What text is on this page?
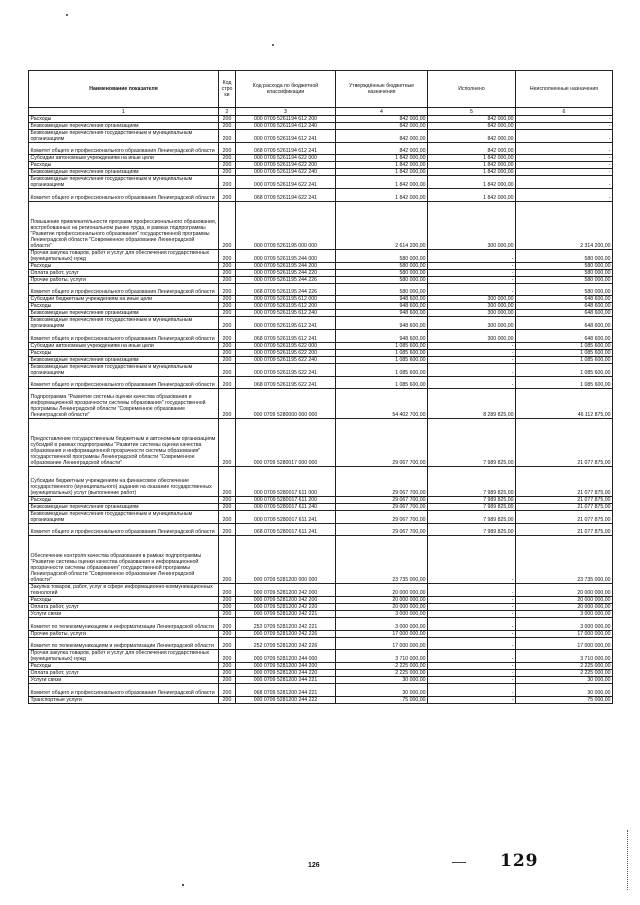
Наименование показателя	Код стро ки	Код расхода по бюджетной классификации	Утверждённые бюджетные назначения	Исполнено	Неисполненные назначения
1	2	3	4	5	6
Расходы	200	000 0709 5261194 612 200	842 000,00	842 000,00	-
Безвозмездные перечисления организациям	200	000 0709 5261194 612 240	842 000,00	842 000,00	-
Безвозмездные перечисления государственным и муниципальным организациям	200	000 0709 5261194 612 241	842 000,00	842 000,00	-
Комитет общего и профессионального образования Ленинградской области	200	068 0709 5261194 612 241	842 000,00	842 000,00	-
Субсидии автономным учреждениям на иные цели	200	000 0709 5261194 622 000	1 842 000,00	1 842 000,00	-
Расходы	200	000 0709 5261194 622 200	1 842 000,00	1 842 000,00	-
Безвозмездные перечисления организациям	200	000 0709 5261194 622 240	1 842 000,00	1 842 000,00	-
Безвозмездные перечисления государственным и муниципальным организациям	200	000 0709 5261194 622 241	1 842 000,00	1 842 000,00	-
Комитет общего и профессионального образования Ленинградской области	200	068 0709 5261194 622 241	1 842 000,00	1 842 000,00	-
Повышение привлекательности программ профессионального образования, востребованных на региональном рынке труда, в рамках подпрограммы "Развитие профессионального образования" государственной программы Ленинградской области "Современное образование Ленинградской области"	200	000 0709 5261195 000 000	2 614 200,00	300 000,00	2 314 200,00
Прочая закупка товаров, работ и услуг для обеспечения государственных (муниципальных) нужд	200	000 0709 5261195 244 000	580 000,00	-	580 000,00
Расходы	200	000 0709 5261195 244 200	580 000,00	-	580 000,00
Оплата работ, услуг	200	000 0709 5261195 244 220	580 000,00	-	580 000,00
Прочие работы, услуги	200	000 0709 5261195 244 226	580 000,00	-	580 000,00
Комитет общего и профессионального образования Ленинградской области	200	068 0709 5261195 244 226	580 000,00	-	580 000,00
Субсидии бюджетным учреждениям на иные цели	200	000 0709 5261195 612 000	948 600,00	300 000,00	648 600,00
Расходы	200	000 0709 5261195 612 200	948 600,00	300 000,00	648 600,00
Безвозмездные перечисления организациям	200	000 0709 5261195 612 240	948 600,00	300 000,00	648 600,00
Безвозмездные перечисления государственным и муниципальным организациям	200	000 0709 5261195 612 241	948 600,00	300 000,00	648 600,00
Комитет общего и профессионального образования Ленинградской области	200	068 0709 5261195 612 241	948 600,00	300 000,00	648 600,00
Субсидии автономным учреждениям на иные цели	200	000 0709 5261195 622 000	1 085 600,00	-	1 085 600,00
Расходы	200	000 0709 5261195 622 200	1 085 600,00	-	1 085 600,00
Безвозмездные перечисления организациям	200	000 0709 5261195 622 240	1 085 600,00	-	1 085 600,00
Безвозмездные перечисления государственным и муниципальным организациям	200	000 0709 5261195 622 241	1 085 600,00	-	1 085 600,00
Комитет общего и профессионального образования Ленинградской области	200	068 0709 5261195 622 241	1 085 600,00	-	1 085 600,00
Подпрограмма "Развитие системы оценки качества образования и информационной прозрачности системы образования" государственной программы Ленинградской области "Современное образование Ленинградской области"	200	000 0709 5280000 000 000	54 402 700,00	8 289 825,00	46 112 875,00
Предоставление государственным бюджетным и автономным организациям субсидий в рамках подпрограммы "Развитие системы оценки качества образования и информационной прозрачности системы образования" государственной программы Ленинградской области "Современное образование Ленинградской области"	200	000 0709 5280017 000 000	29 067 700,00	7 989 825,00	21 077 875,00
Субсидии бюджетным учреждениям на финансовое обеспечение государственного (муниципального) задания на оказание государственных (муниципальных) услуг (выполнение работ)	200	000 0709 5280017 611 000	29 067 700,00	7 989 825,00	21 077 875,00
Расходы	200	000 0709 5280017 611 200	29 067 700,00	7 989 825,00	21 077 875,00
Безвозмездные перечисления организациям	200	000 0709 5280017 611 240	29 067 700,00	7 989 825,00	21 077 875,00
Безвозмездные перечисления государственным и муниципальным организациям	200	000 0709 5280017 611 241	29 067 700,00	7 989 825,00	21 077 875,00
Комитет общего и профессионального образования Ленинградской области	200	068 0709 5280017 611 241	29 067 700,00	7 989 825,00	21 077 875,00
Обеспечение контроля качества образования в рамках подпрограммы "Развитие системы оценки качества образования и информационной прозрачности системы образования" государственной программы Ленинградской области "Современное образование Ленинградской области"	200	000 0709 5281200 000 000	23 735 000,00	-	23 735 000,00
Закупка товаров, работ, услуг в сфере информационно-коммуникационных технологий	200	000 0709 5281200 242 000	20 000 000,00	-	20 000 000,00
Расходы	200	000 0709 5281200 242 200	20 000 000,00	-	20 000 000,00
Оплата работ, услуг	200	000 0709 5281200 242 220	20 000 000,00	-	20 000 000,00
Услуги связи	200	000 0709 5281200 242 221	3 000 000,00	-	3 000 000,00
Комитет по телекоммуникациям и информатизации Ленинградской области	200	252 0709 5281200 242 221	3 000 000,00	-	3 000 000,00
Прочие работы, услуги	200	000 0709 5281200 242 226	17 000 000,00	-	17 000 000,00
Комитет по телекоммуникациям и информатизации Ленинградской области	200	252 0709 5281200 242 226	17 000 000,00	-	17 000 000,00
Прочая закупка товаров, работ и услуг для обеспечения государственных (муниципальных) нужд	200	000 0709 5281200 244 000	3 710 000,00	-	3 710 000,00
Расходы	200	000 0709 5281200 244 200	2 225 000,00	-	2 225 000,00
Оплата работ, услуг	200	000 0709 5281200 244 220	2 225 000,00	-	2 225 000,00
Услуги связи	200	000 0709 5281200 244 221	30 000,00	-	30 000,00
Комитет общего и профессионального образования Ленинградской области	200	068 0709 5281200 244 221	30 000,00	-	30 000,00
Транспортные услуги	200	000 0709 5281200 244 222	75 000,00	-	75 000,00
126	129
